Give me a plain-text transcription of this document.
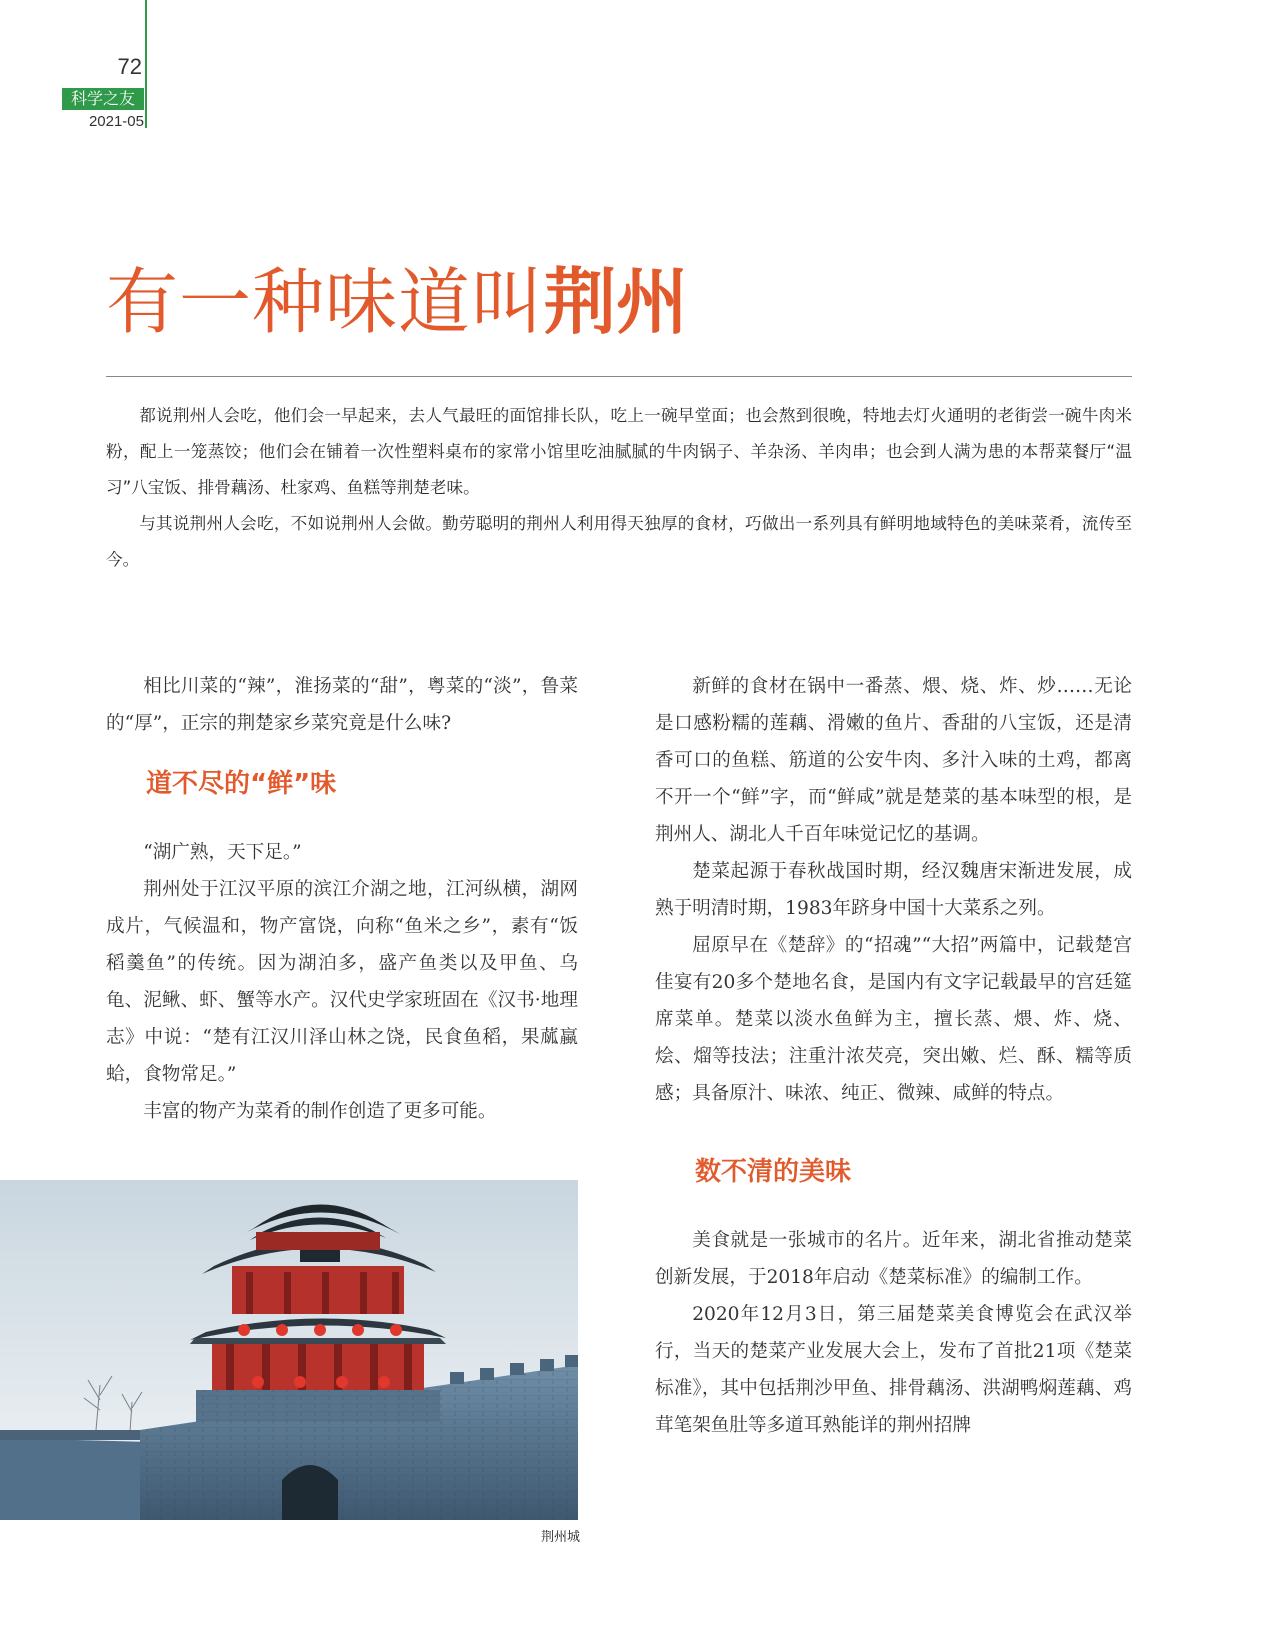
72
科学之友
2021-05
有一种味道叫荆州

都说荆州人会吃，他们会一早起来，去人气最旺的面馆排长队，吃上一碗早堂面；也会熬到很晚，特地去灯火通明的老街尝一碗牛肉米粉，配上一笼蒸饺；他们会在铺着一次性塑料桌布的家常小馆里吃油腻腻的牛肉锅子、羊杂汤、羊肉串；也会到人满为患的本帮菜餐厅“温习”八宝饭、排骨藕汤、杜家鸡、鱼糕等荆楚老味。

与其说荆州人会吃，不如说荆州人会做。勤劳聪明的荆州人利用得天独厚的食材，巧做出一系列具有鲜明地域特色的美味菜肴，流传至今。

相比川菜的“辣”，淮扬菜的“甜”，粤菜的“淡”，鲁菜的“厚”，正宗的荆楚家乡菜究竟是什么味?

道不尽的“鲜”味

“湖广熟，天下足。”

荆州处于江汉平原的滨江介湖之地，江河纵横，湖网成片，气候温和，物产富饶，向称“鱼米之乡”，素有“饭稻羹鱼”的传统。因为湖泊多，盛产鱼类以及甲鱼、乌龟、泥鳅、虾、蟹等水产。汉代史学家班固在《汉书·地理志》中说：“楚有江汉川泽山林之饶，民食鱼稻，果蓏蠃蛤，食物常足。”

丰富的物产为菜肴的制作创造了更多可能。

新鲜的食材在锅中一番蒸、煨、烧、炸、炒……无论是口感粉糯的莲藕、滑嫩的鱼片、香甜的八宝饭，还是清香可口的鱼糕、筋道的公安牛肉、多汁入味的土鸡，都离不开一个“鲜”字，而“鲜咸”就是楚菜的基本味型的根，是荆州人、湖北人千百年味觉记忆的基调。

楚菜起源于春秋战国时期，经汉魏唐宋渐进发展，成熟于明清时期，1983年跻身中国十大菜系之列。

屈原早在《楚辞》的“招魂”“大招”两篇中，记载楚宫佳宴有20多个楚地名食，是国内有文字记载最早的宫廷筵席菜单。楚菜以淡水鱼鲜为主，擅长蒸、煨、炸、烧、烩、熘等技法；注重汁浓芡亮，突出嫩、烂、酥、糯等质感；具备原汁、味浓、纯正、微辣、咸鲜的特点。

数不清的美味

美食就是一张城市的名片。近年来，湖北省推动楚菜创新发展，于2018年启动《楚菜标准》的编制工作。

2020年12月3日，第三届楚菜美食博览会在武汉举行，当天的楚菜产业发展大会上，发布了首批21项《楚菜标准》，其中包括荆沙甲鱼、排骨藕汤、洪湖鸭焖莲藕、鸡茸笔架鱼肚等多道耳熟能详的荆州招牌

荆州城
